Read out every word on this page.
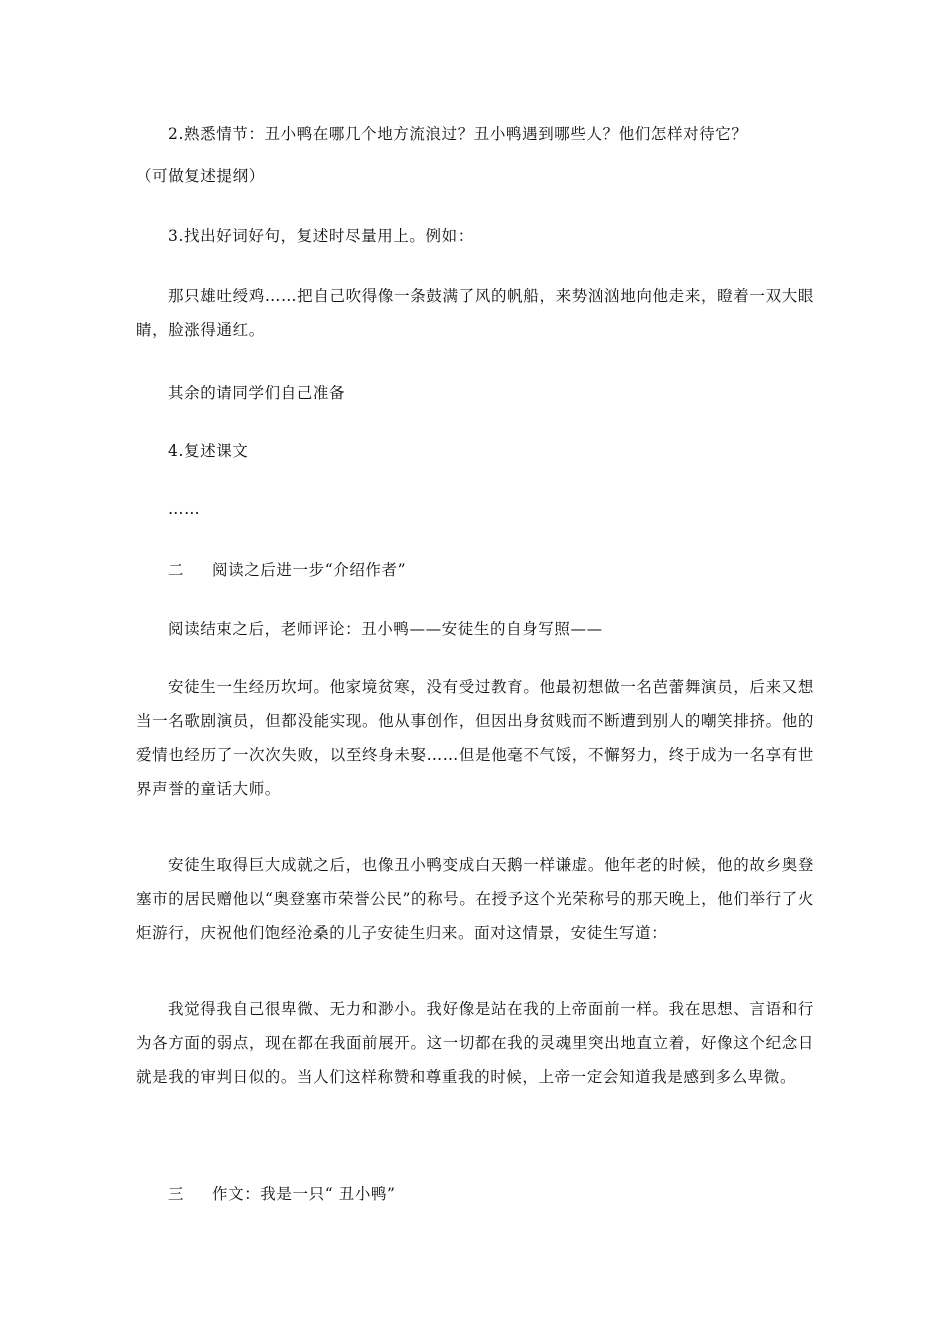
2.熟悉情节：丑小鸭在哪几个地方流浪过？丑小鸭遇到哪些人？他们怎样对待它？

（可做复述提纲）

3.找出好词好句，复述时尽量用上。例如：

那只雄吐绶鸡……把自己吹得像一条鼓满了风的帆船，来势汹汹地向他走来，瞪着一双大眼睛，脸涨得通红。

其余的请同学们自己准备

4.复述课文

……

二 阅读之后进一步“介绍作者”

阅读结束之后，老师评论：丑小鸭——安徒生的自身写照——

安徒生一生经历坎坷。他家境贫寒，没有受过教育。他最初想做一名芭蕾舞演员，后来又想当一名歌剧演员，但都没能实现。他从事创作，但因出身贫贱而不断遭到别人的嘲笑排挤。他的爱情也经历了一次次失败，以至终身未娶……但是他毫不气馁，不懈努力，终于成为一名享有世界声誉的童话大师。

安徒生取得巨大成就之后，也像丑小鸭变成白天鹅一样谦虚。他年老的时候，他的故乡奥登塞市的居民赠他以“奥登塞市荣誉公民”的称号。在授予这个光荣称号的那天晚上，他们举行了火炬游行，庆祝他们饱经沧桑的儿子安徒生归来。面对这情景，安徒生写道：

我觉得我自己很卑微、无力和渺小。我好像是站在我的上帝面前一样。我在思想、言语和行为各方面的弱点，现在都在我面前展开。这一切都在我的灵魂里突出地直立着，好像这个纪念日就是我的审判日似的。当人们这样称赞和尊重我的时候，上帝一定会知道我是感到多么卑微。

三 作文：我是一只“ 丑小鸭”
